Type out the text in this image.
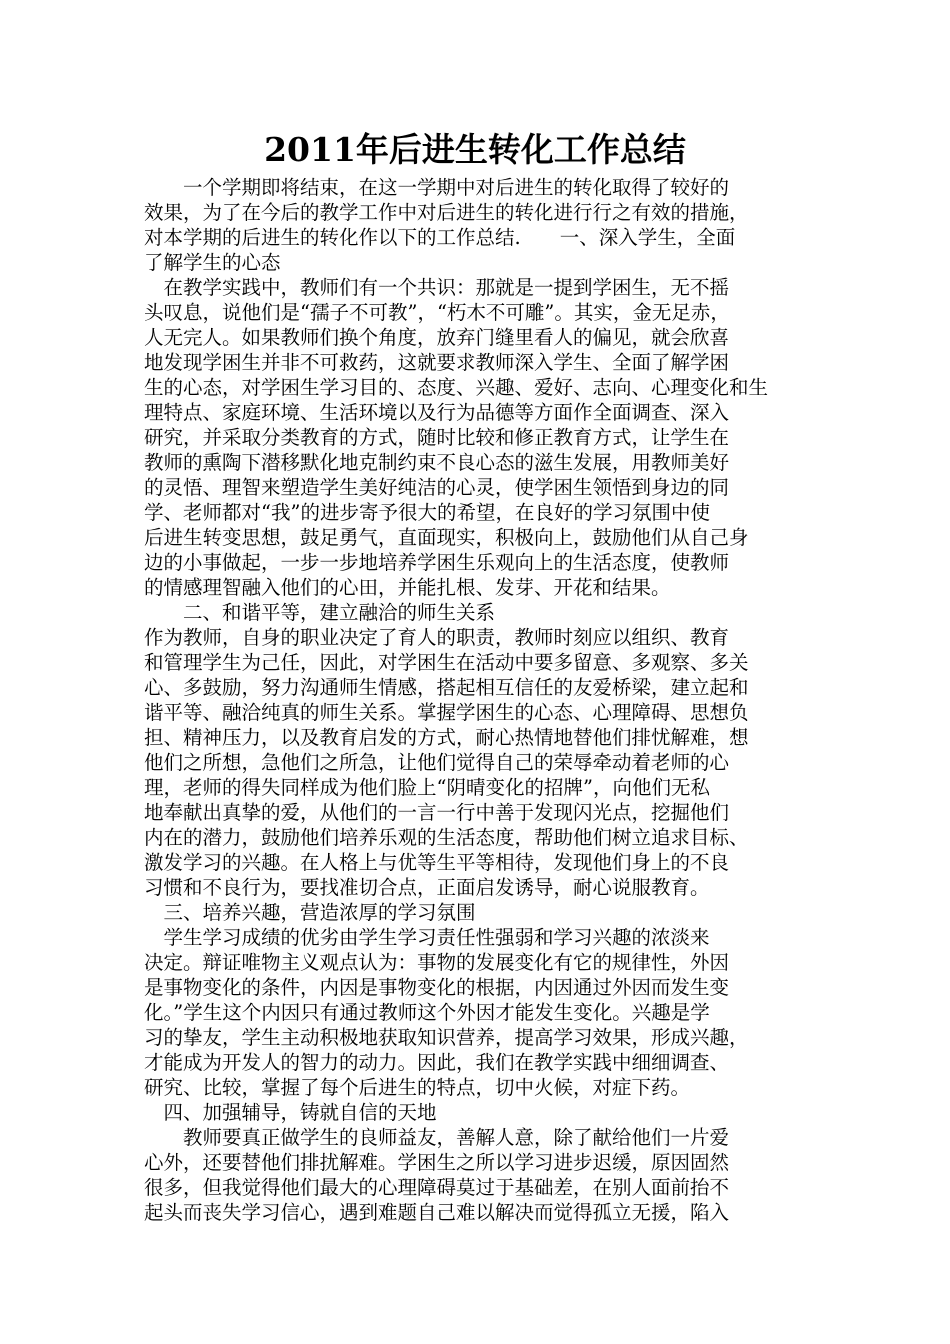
2011年后进生转化工作总结
　　一个学期即将结束，在这一学期中对后进生的转化取得了较好的
效果，为了在今后的教学工作中对后进生的转化进行行之有效的措施，
对本学期的后进生的转化作以下的工作总结.　　一、深入学生，全面
了解学生的心态
　在教学实践中，教师们有一个共识：那就是一提到学困生，无不摇
头叹息，说他们是“孺子不可教”，“朽木不可雕”。其实，金无足赤，
人无完人。如果教师们换个角度，放弃门缝里看人的偏见，就会欣喜
地发现学困生并非不可救药，这就要求教师深入学生、全面了解学困
生的心态，对学困生学习目的、态度、兴趣、爱好、志向、心理变化和生
理特点、家庭环境、生活环境以及行为品德等方面作全面调查、深入
研究，并采取分类教育的方式，随时比较和修正教育方式，让学生在
教师的熏陶下潜移默化地克制约束不良心态的滋生发展，用教师美好
的灵悟、理智来塑造学生美好纯洁的心灵，使学困生领悟到身边的同
学、老师都对“我”的进步寄予很大的希望，在良好的学习氛围中使
后进生转变思想，鼓足勇气，直面现实，积极向上，鼓励他们从自己身
边的小事做起，一步一步地培养学困生乐观向上的生活态度，使教师
的情感理智融入他们的心田，并能扎根、发芽、开花和结果。
　　二、和谐平等，建立融洽的师生关系
作为教师，自身的职业决定了育人的职责，教师时刻应以组织、教育
和管理学生为己任，因此，对学困生在活动中要多留意、多观察、多关
心、多鼓励，努力沟通师生情感，搭起相互信任的友爱桥梁，建立起和
谐平等、融洽纯真的师生关系。掌握学困生的心态、心理障碍、思想负
担、精神压力，以及教育启发的方式，耐心热情地替他们排忧解难，想
他们之所想，急他们之所急，让他们觉得自己的荣辱牵动着老师的心
理，老师的得失同样成为他们脸上“阴晴变化的招牌”，向他们无私
地奉献出真挚的爱，从他们的一言一行中善于发现闪光点，挖掘他们
内在的潜力，鼓励他们培养乐观的生活态度，帮助他们树立追求目标、
激发学习的兴趣。在人格上与优等生平等相待，发现他们身上的不良
习惯和不良行为，要找准切合点，正面启发诱导，耐心说服教育。
　三、培养兴趣，营造浓厚的学习氛围
　学生学习成绩的优劣由学生学习责任性强弱和学习兴趣的浓淡来
决定。辩证唯物主义观点认为：事物的发展变化有它的规律性，外因
是事物变化的条件，内因是事物变化的根据，内因通过外因而发生变
化。”学生这个内因只有通过教师这个外因才能发生变化。兴趣是学
习的挚友，学生主动积极地获取知识营养，提高学习效果，形成兴趣，
才能成为开发人的智力的动力。因此，我们在教学实践中细细调查、
研究、比较，掌握了每个后进生的特点，切中火候，对症下药。
　四、加强辅导，铸就自信的天地
　　教师要真正做学生的良师益友，善解人意，除了献给他们一片爱
心外，还要替他们排扰解难。学困生之所以学习进步迟缓，原因固然
很多，但我觉得他们最大的心理障碍莫过于基础差，在别人面前抬不
起头而丧失学习信心，遇到难题自己难以解决而觉得孤立无援，陷入
